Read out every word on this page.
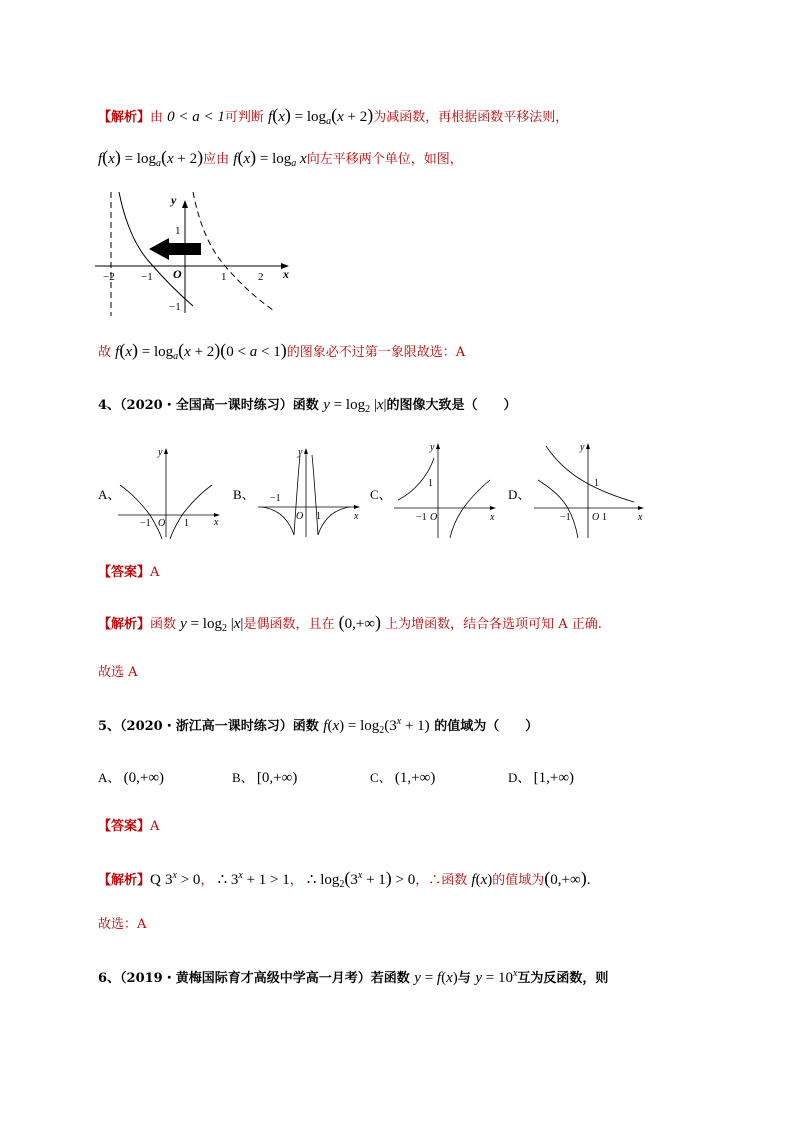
【解析】由 0 < a < 1可判断 $f(x) = \log_a(x + 2)$为减函数，再根据函数平移法则，
$f(x) = \log_a(x + 2)$应由 $f(x) = \log_a x$向左平移两个单位，如图，
y
x
O
1
−1
−2 −1	1	2
故 $f(x) = \log_a(x + 2)(0 < a < 1)$的图象必不过第一象限故选：A
4、（2020・全国高一课时练习）函数 $y = \log_2 |x|$的图像大致是（　　）
A、
y
x
−1 O 1
B、
y
x
−1
O 1
C、
y
x
1
−1 O
D、
y
x
1
−1 O 1
【答案】A
【解析】函数 $y = \log_2 |x|$是偶函数，且在 (0,+∞) 上为增函数，结合各选项可知 A 正确.
故选 A
5、（2020・浙江高一课时练习）函数 $f(x) = \log_2(3^x + 1)$ 的值域为（　　）
A、 (0,+∞)	B、 [0,+∞)	C、 (1,+∞)	D、 [1,+∞)
【答案】A
【解析】Q $3^x > 0$， ∴ $3^x + 1 > 1$， ∴ $\log_2(3^x + 1) > 0$，∴函数 f(x)的值域为(0,+∞).
故选：A
6、（2019・黄梅国际育才高级中学高一月考）若函数 y = f(x)与 $y = 10^x$互为反函数，则
